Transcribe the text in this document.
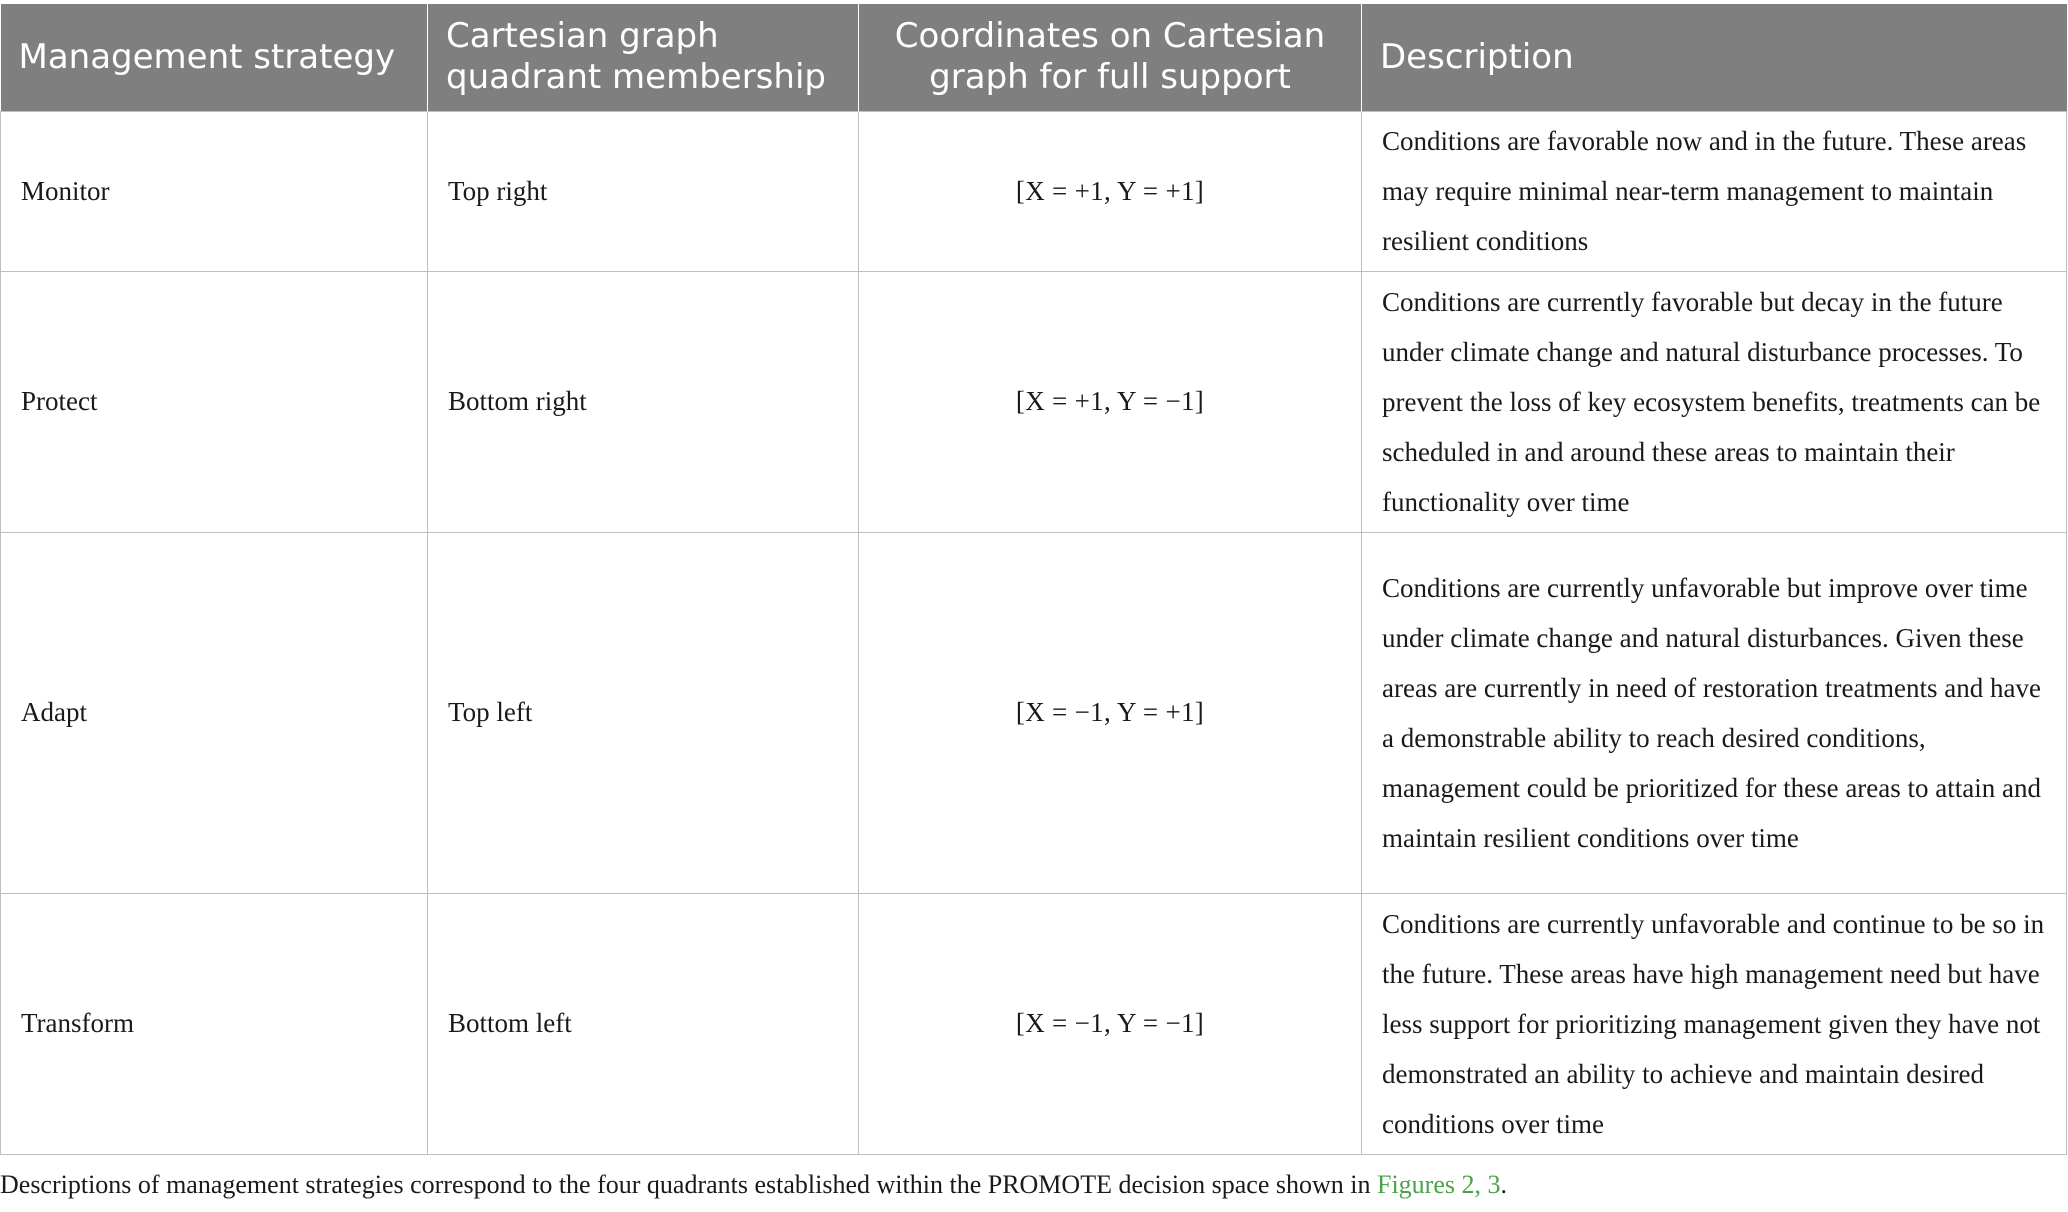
Management strategy	Cartesian graph quadrant membership	Coordinates on Cartesian graph for full support	Description
Monitor	Top right	[X = +1, Y = +1]	Conditions are favorable now and in the future. These areas may require minimal near-term management to maintain resilient conditions
Protect	Bottom right	[X = +1, Y = −1]	Conditions are currently favorable but decay in the future under climate change and natural disturbance processes. To prevent the loss of key ecosystem benefits, treatments can be scheduled in and around these areas to maintain their functionality over time
Adapt	Top left	[X = −1, Y = +1]	Conditions are currently unfavorable but improve over time under climate change and natural disturbances. Given these areas are currently in need of restoration treatments and have a demonstrable ability to reach desired conditions, management could be prioritized for these areas to attain and maintain resilient conditions over time
Transform	Bottom left	[X = −1, Y = −1]	Conditions are currently unfavorable and continue to be so in the future. These areas have high management need but have less support for prioritizing management given they have not demonstrated an ability to achieve and maintain desired conditions over time
Descriptions of management strategies correspond to the four quadrants established within the PROMOTE decision space shown in Figures 2, 3.
